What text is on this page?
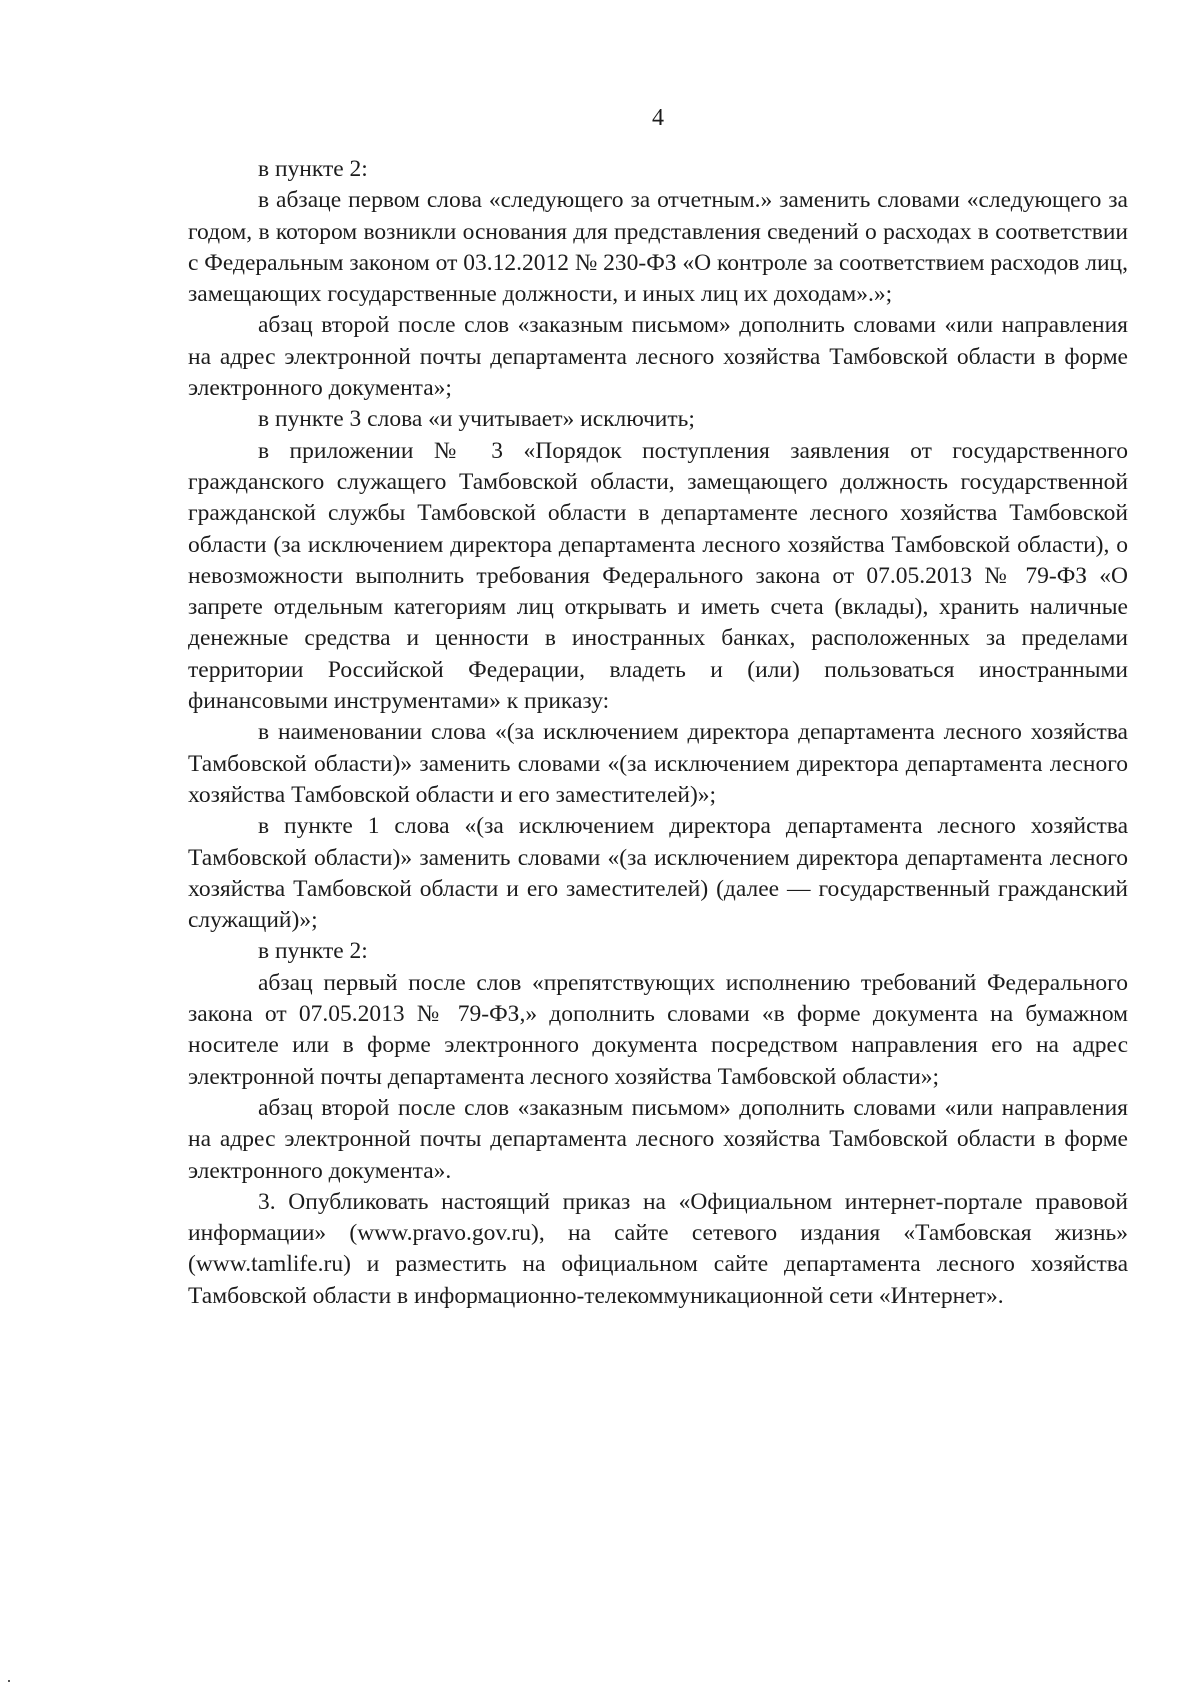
4

в пункте 2:

в абзаце первом слова «следующего за отчетным.» заменить словами «следующего за годом, в котором возникли основания для представления сведений о расходах в соответствии с Федеральным законом от 03.12.2012 № 230-ФЗ «О контроле за соответствием расходов лиц, замещающих государственные должности, и иных лиц их доходам».»;

абзац второй после слов «заказным письмом» дополнить словами «или направления на адрес электронной почты департамента лесного хозяйства Тамбовской области в форме электронного документа»;

в пункте 3 слова «и учитывает» исключить;

в приложении № 3 «Порядок поступления заявления от государственного гражданского служащего Тамбовской области, замещающего должность государственной гражданской службы Тамбовской области в департаменте лесного хозяйства Тамбовской области (за исключением директора департамента лесного хозяйства Тамбовской области), о невозможности выполнить требования Федерального закона от 07.05.2013 № 79-ФЗ «О запрете отдельным категориям лиц открывать и иметь счета (вклады), хранить наличные денежные средства и ценности в иностранных банках, расположенных за пределами территории Российской Федерации, владеть и (или) пользоваться иностранными финансовыми инструментами» к приказу:

в наименовании слова «(за исключением директора департамента лесного хозяйства Тамбовской области)» заменить словами «(за исключением директора департамента лесного хозяйства Тамбовской области и его заместителей)»;

в пункте 1 слова «(за исключением директора департамента лесного хозяйства Тамбовской области)» заменить словами «(за исключением директора департамента лесного хозяйства Тамбовской области и его заместителей) (далее — государственный гражданский служащий)»;

в пункте 2:

абзац первый после слов «препятствующих исполнению требований Федерального закона от 07.05.2013 № 79-ФЗ,» дополнить словами «в форме документа на бумажном носителе или в форме электронного документа посредством направления его на адрес электронной почты департамента лесного хозяйства Тамбовской области»;

абзац второй после слов «заказным письмом» дополнить словами «или направления на адрес электронной почты департамента лесного хозяйства Тамбовской области в форме электронного документа».

3. Опубликовать настоящий приказ на «Официальном интернет-портале правовой информации» (www.pravo.gov.ru), на сайте сетевого издания «Тамбовская жизнь» (www.tamlife.ru) и разместить на официальном сайте департамента лесного хозяйства Тамбовской области в информационно-телекоммуникационной сети «Интернет».
